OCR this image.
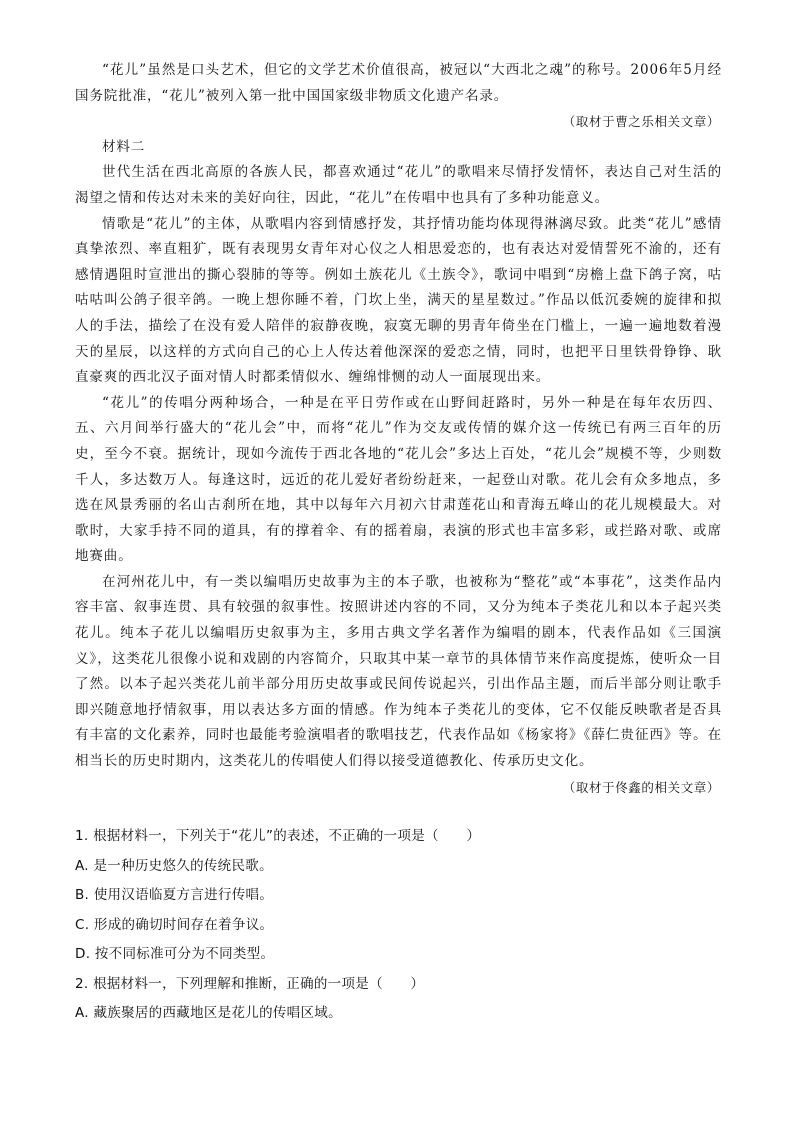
“花儿”虽然是口头艺术，但它的文学艺术价值很高，被冠以“大西北之魂”的称号。2006年5月经国务院批准，“花儿”被列入第一批中国国家级非物质文化遗产名录。

（取材于曹之乐相关文章）

材料二

世代生活在西北高原的各族人民，都喜欢通过“花儿”的歌唱来尽情抒发情怀，表达自己对生活的渴望之情和传达对未来的美好向往，因此，“花儿”在传唱中也具有了多种功能意义。

情歌是“花儿”的主体，从歌唱内容到情感抒发，其抒情功能均体现得淋漓尽致。此类“花儿”感情真挚浓烈、率直粗犷，既有表现男女青年对心仪之人相思爱恋的，也有表达对爱情誓死不渝的，还有感情遇阻时宣泄出的撕心裂肺的等等。例如土族花儿《土族令》，歌词中唱到“房檐上盘下鸽子窝，咕咕咕叫公鸽子很辛鸽。一晚上想你睡不着，门坎上坐，满天的星星数过。”作品以低沉委婉的旋律和拟人的手法，描绘了在没有爱人陪伴的寂静夜晚，寂寞无聊的男青年倚坐在门槛上，一遍一遍地数着漫天的星辰，以这样的方式向自己的心上人传达着他深深的爱恋之情，同时，也把平日里铁骨铮铮、耿直豪爽的西北汉子面对情人时都柔情似水、缠绵悱恻的动人一面展现出来。

“花儿”的传唱分两种场合，一种是在平日劳作或在山野间赶路时，另外一种是在每年农历四、五、六月间举行盛大的“花儿会”中，而将“花儿”作为交友或传情的媒介这一传统已有两三百年的历史，至今不衰。据统计，现如今流传于西北各地的“花儿会”多达上百处，“花儿会”规模不等，少则数千人，多达数万人。每逢这时，远近的花儿爱好者纷纷赶来，一起登山对歌。花儿会有众多地点，多选在风景秀丽的名山古刹所在地，其中以每年六月初六甘肃莲花山和青海五峰山的花儿规模最大。对歌时，大家手持不同的道具，有的撑着伞、有的摇着扇，表演的形式也丰富多彩，或拦路对歌、或席地赛曲。

在河州花儿中，有一类以编唱历史故事为主的本子歌，也被称为“整花”或“本事花”，这类作品内容丰富、叙事连贯、具有较强的叙事性。按照讲述内容的不同，又分为纯本子类花儿和以本子起兴类花儿。纯本子花儿以编唱历史叙事为主，多用古典文学名著作为编唱的剧本，代表作品如《三国演义》，这类花儿很像小说和戏剧的内容简介，只取其中某一章节的具体情节来作高度提炼，使听众一目了然。以本子起兴类花儿前半部分用历史故事或民间传说起兴，引出作品主题，而后半部分则让歌手即兴随意地抒情叙事，用以表达多方面的情感。作为纯本子类花儿的变体，它不仅能反映歌者是否具有丰富的文化素养，同时也最能考验演唱者的歌唱技艺，代表作品如《杨家将》《薛仁贵征西》等。在相当长的历史时期内，这类花儿的传唱使人们得以接受道德教化、传承历史文化。

（取材于佟鑫的相关文章）

1. 根据材料一，下列关于“花儿”的表述，不正确的一项是（　　）

A. 是一种历史悠久的传统民歌。

B. 使用汉语临夏方言进行传唱。

C. 形成的确切时间存在着争议。

D. 按不同标准可分为不同类型。

2. 根据材料一，下列理解和推断，正确的一项是（　　）

A. 藏族聚居的西藏地区是花儿的传唱区域。
